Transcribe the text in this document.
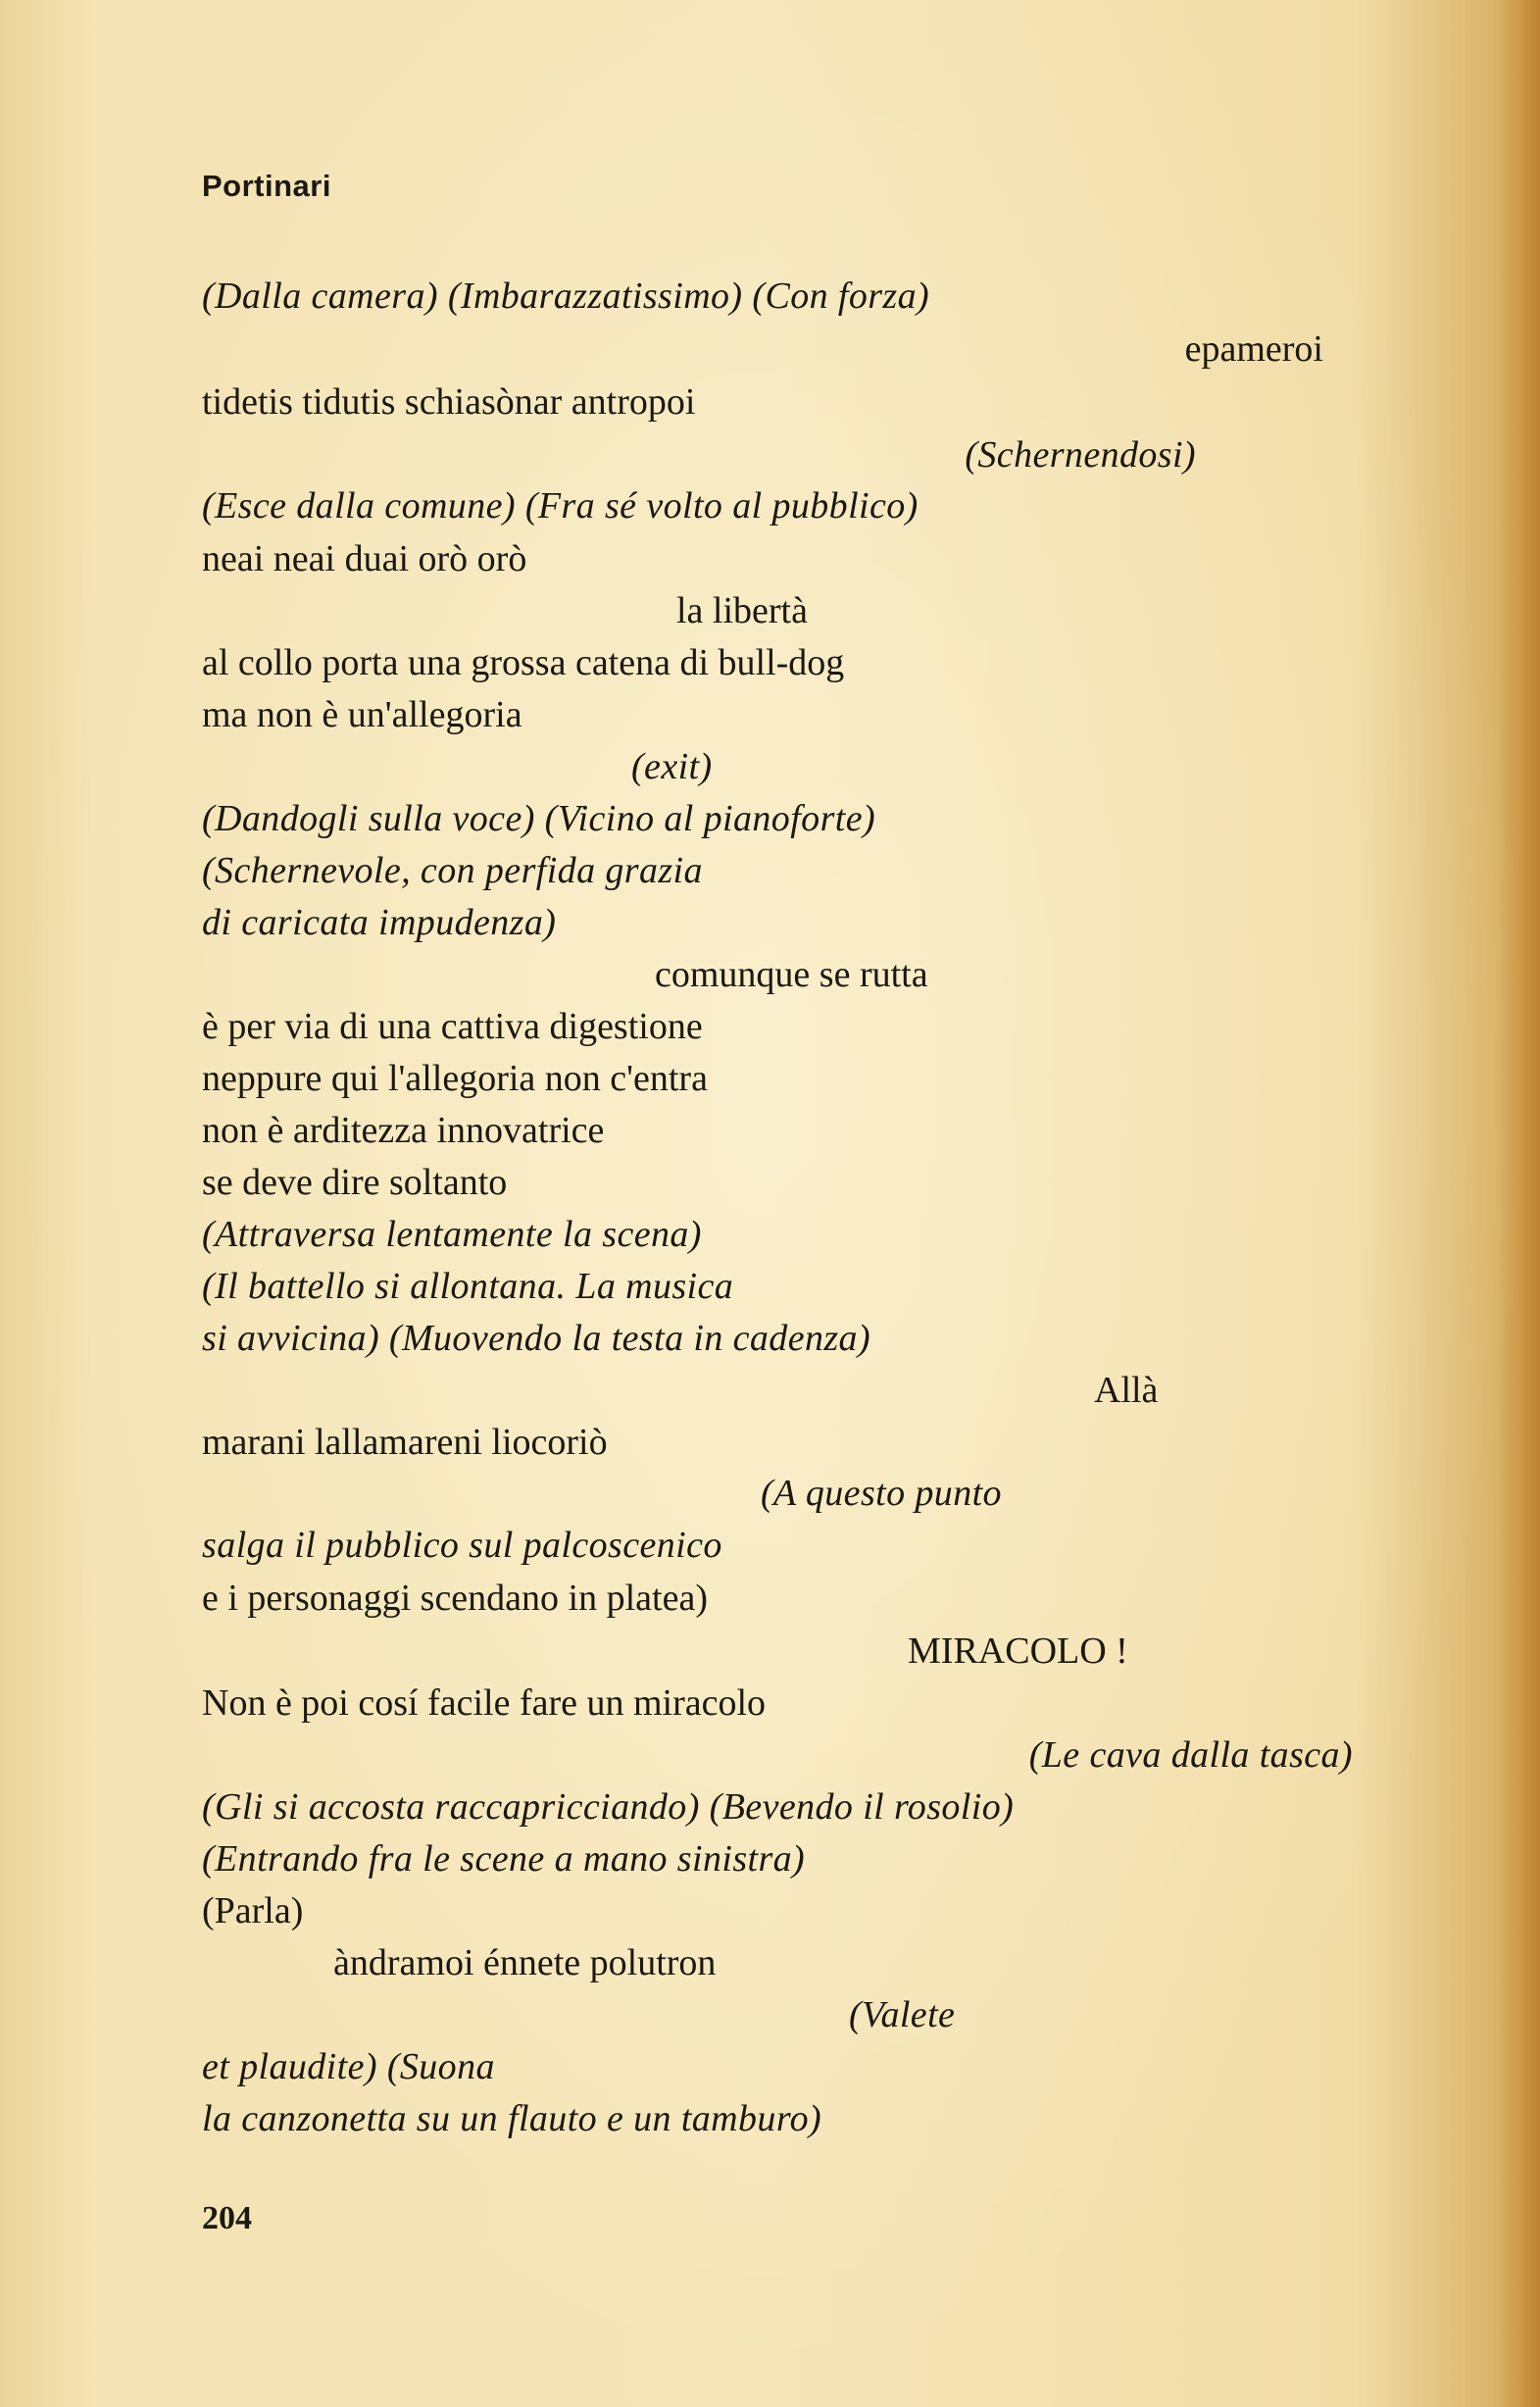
Portinari
(Dalla camera) (Imbarazzatissimo) (Con forza)
epameroi
tidetis tidutis schiasònar antropoi
(Schernendosi)
(Esce dalla comune) (Fra sé volto al pubblico)
neai neai duai orò orò
la libertà
al collo porta una grossa catena di bull-dog
ma non è un'allegoria
(exit)
(Dandogli sulla voce) (Vicino al pianoforte)
(Schernevole, con perfida grazia
di caricata impudenza)
comunque se rutta
è per via di una cattiva digestione
neppure qui l'allegoria non c'entra
non è arditezza innovatrice
se deve dire soltanto
(Attraversa lentamente la scena)
(Il battello si allontana. La musica
si avvicina) (Muovendo la testa in cadenza)
Allà
marani lallamareni liocoriò
(A questo punto
salga il pubblico sul palcoscenico
e i personaggi scendano in platea)
MIRACOLO !
Non è poi cosí facile fare un miracolo
(Le cava dalla tasca)
(Gli si accosta raccapricciando) (Bevendo il rosolio)
(Entrando fra le scene a mano sinistra)
(Parla)
àndramoi énnete polutron
(Valete
et plaudite) (Suona
la canzonetta su un flauto e un tamburo)
204
